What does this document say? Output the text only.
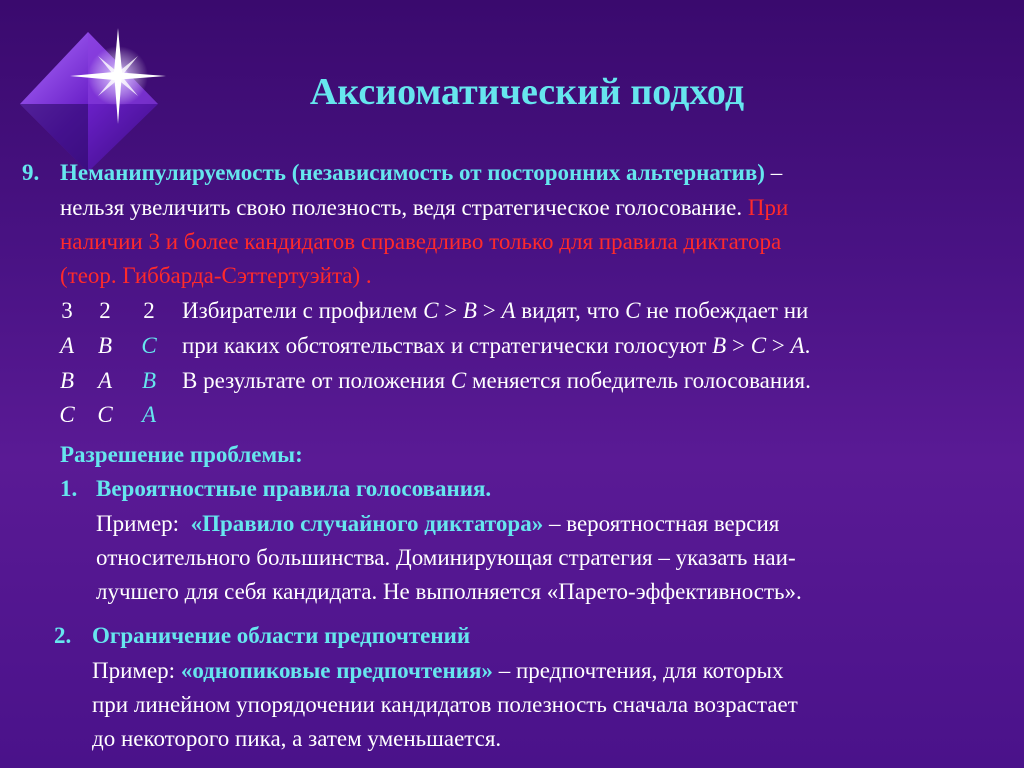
Аксиоматический подход
9. Неманипулируемость (независимость от посторонних альтернатив) –
нельзя увеличить свою полезность, ведя стратегическое голосование. При
наличии 3 и более кандидатов справедливо только для правила диктатора
(теор. Гиббарда-Сэттертуэйта) .
3	2	2
A B C
B A B
C C A
Избиратели с профилем C > B > A видят, что C не побеждает ни
при каких обстоятельствах и стратегически голосуют B > C > A.
В результате от положения C меняется победитель голосования.
Разрешение проблемы:
1. Вероятностные правила голосования.
Пример: «Правило случайного диктатора» – вероятностная версия
относительного большинства. Доминирующая стратегия – указать наи-
лучшего для себя кандидата. Не выполняется «Парето-эффективность».
2. Ограничение области предпочтений
Пример: «однопиковые предпочтения» – предпочтения, для которых
при линейном упорядочении кандидатов полезность сначала возрастает
до некоторого пика, а затем уменьшается.
